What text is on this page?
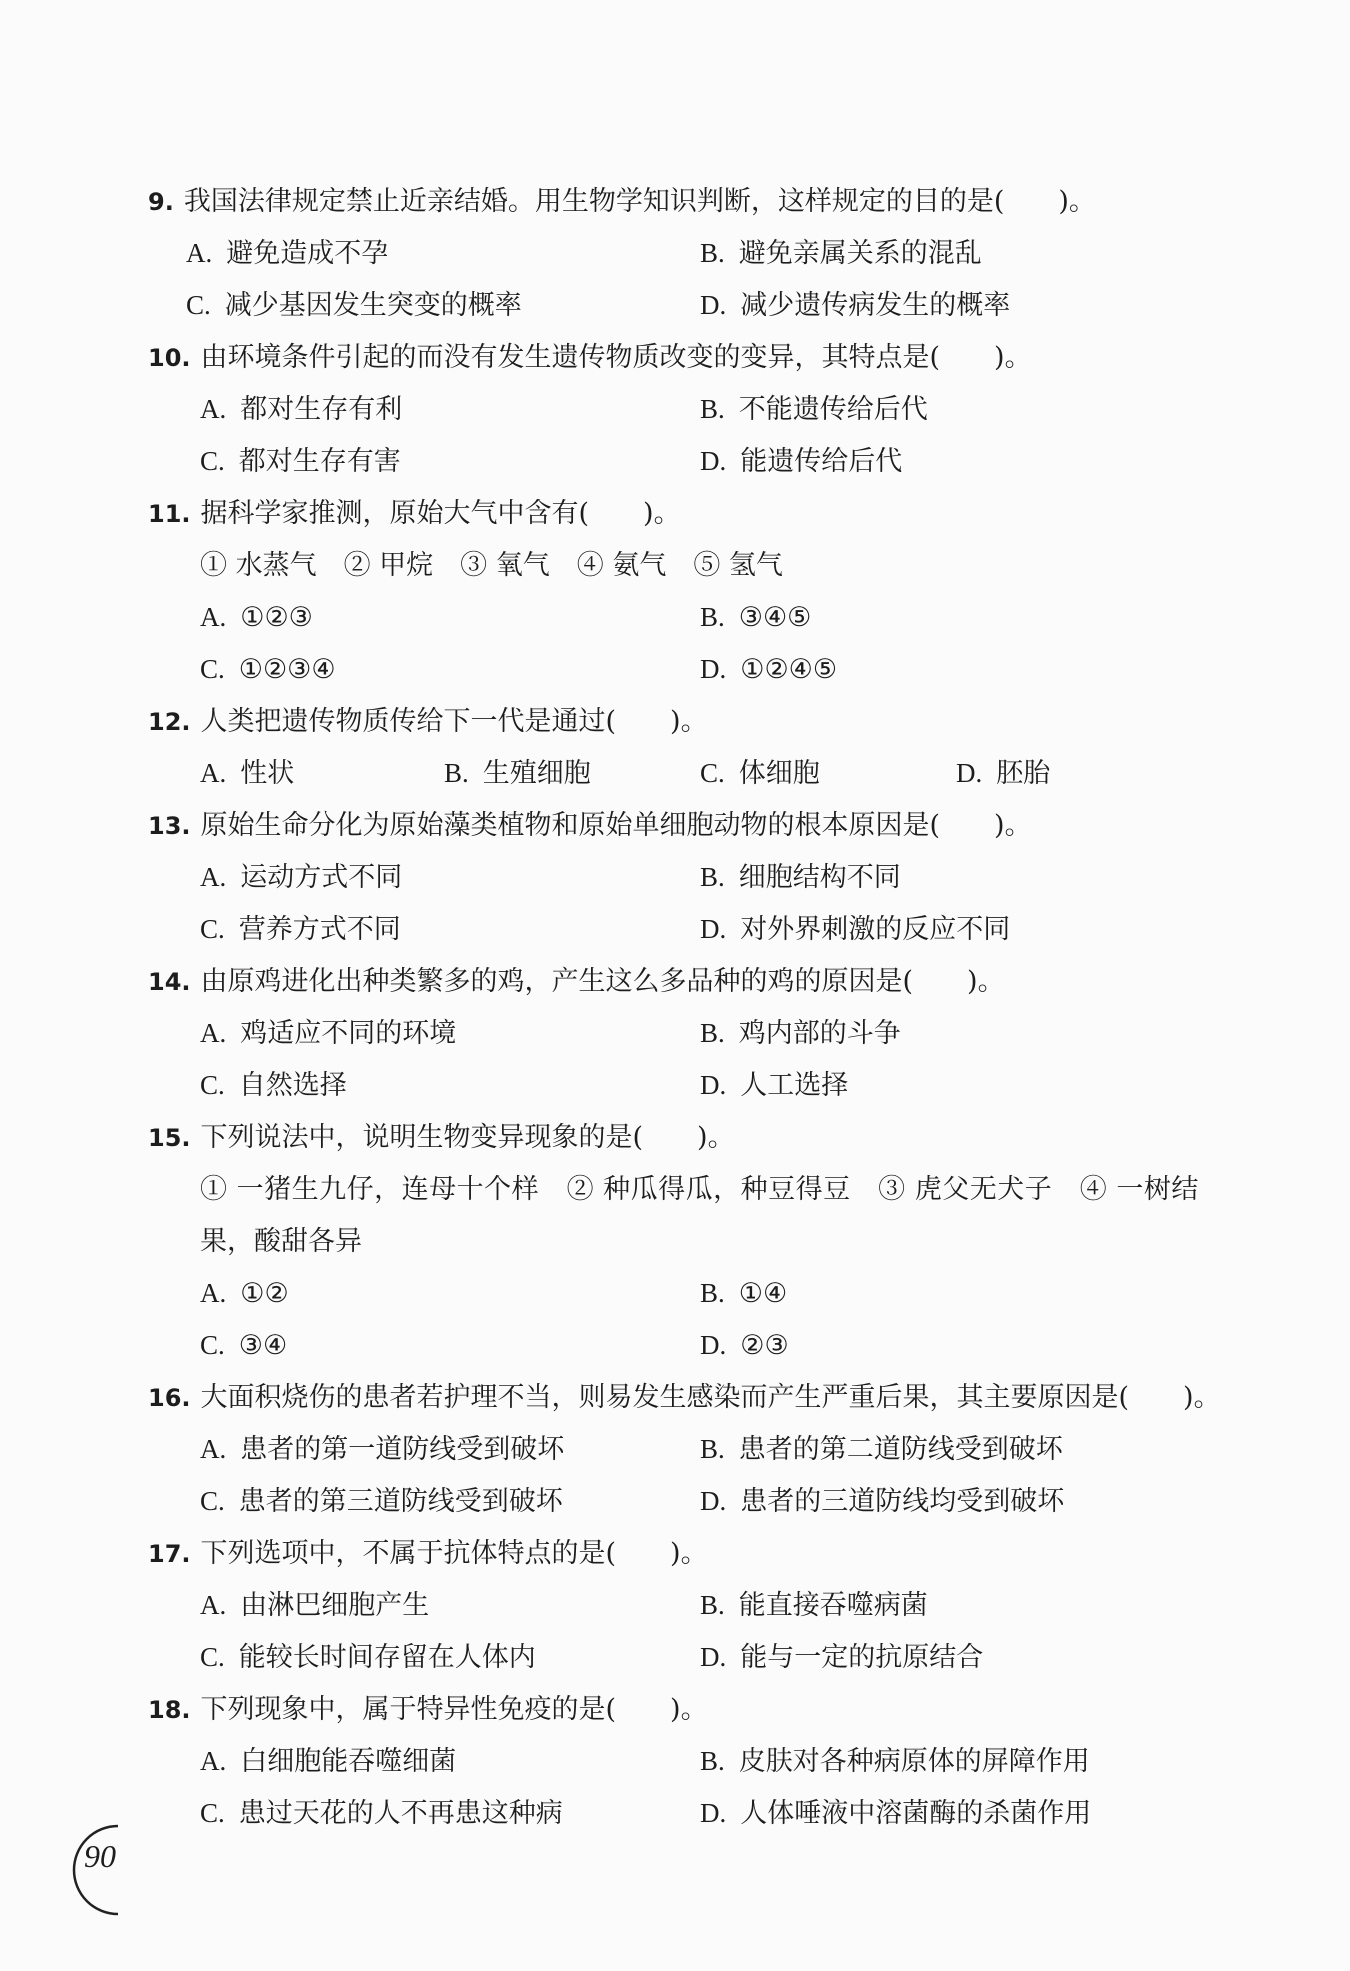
9. 我国法律规定禁止近亲结婚。用生物学知识判断，这样规定的目的是(　　)。
A. 避免造成不孕	B. 避免亲属关系的混乱
C. 减少基因发生突变的概率	D. 减少遗传病发生的概率
10. 由环境条件引起的而没有发生遗传物质改变的变异，其特点是(　　)。
A. 都对生存有利	B. 不能遗传给后代
C. 都对生存有害	D. 能遗传给后代
11. 据科学家推测，原始大气中含有(　　)。
① 水蒸气　② 甲烷　③ 氧气　④ 氨气　⑤ 氢气
A. ①②③	B. ③④⑤
C. ①②③④	D. ①②④⑤
12. 人类把遗传物质传给下一代是通过(　　)。
A. 性状	B. 生殖细胞	C. 体细胞	D. 胚胎
13. 原始生命分化为原始藻类植物和原始单细胞动物的根本原因是(　　)。
A. 运动方式不同	B. 细胞结构不同
C. 营养方式不同	D. 对外界刺激的反应不同
14. 由原鸡进化出种类繁多的鸡，产生这么多品种的鸡的原因是(　　)。
A. 鸡适应不同的环境	B. 鸡内部的斗争
C. 自然选择	D. 人工选择
15. 下列说法中，说明生物变异现象的是(　　)。
① 一猪生九仔，连母十个样　② 种瓜得瓜，种豆得豆　③ 虎父无犬子　④ 一树结
果，酸甜各异
A. ①②	B. ①④
C. ③④	D. ②③
16. 大面积烧伤的患者若护理不当，则易发生感染而产生严重后果，其主要原因是(　　)。
A. 患者的第一道防线受到破坏	B. 患者的第二道防线受到破坏
C. 患者的第三道防线受到破坏	D. 患者的三道防线均受到破坏
17. 下列选项中，不属于抗体特点的是(　　)。
A. 由淋巴细胞产生	B. 能直接吞噬病菌
C. 能较长时间存留在人体内	D. 能与一定的抗原结合
18. 下列现象中，属于特异性免疫的是(　　)。
A. 白细胞能吞噬细菌	B. 皮肤对各种病原体的屏障作用
C. 患过天花的人不再患这种病	D. 人体唾液中溶菌酶的杀菌作用
90
